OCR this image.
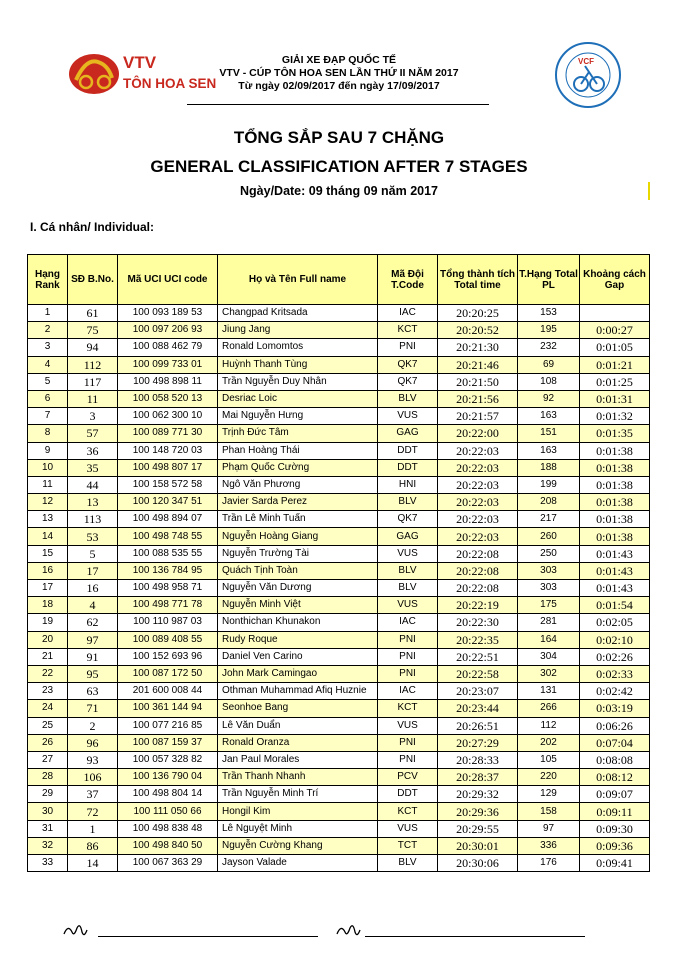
VTV
TÔN HOA SEN
GIẢI XE ĐẠP QUỐC TẾ
VTV - CÚP TÔN HOA SEN LẦN THỨ II NĂM 2017
Từ ngày 02/09/2017 đến ngày 17/09/2017
VCF
TỔNG SẮP SAU 7 CHẶNG
GENERAL CLASSIFICATION AFTER 7 STAGES
Ngày/Date: 09 tháng 09 năm 2017
I. Cá nhân/ Individual:
Hạng Rank	SĐ B.No.	Mã UCI UCI code	Họ và Tên Full name	Mã Đội T.Code	Tổng thành tích Total time	T.Hạng Total PL	Khoảng cách Gap
1	61	100 093 189 53	Changpad Kritsada	IAC	20:20:25	153	
2	75	100 097 206 93	Jiung Jang	KCT	20:20:52	195	0:00:27
3	94	100 088 462 79	Ronald Lomomtos	PNI	20:21:30	232	0:01:05
4	112	100 099 733 01	Huỳnh Thanh Tùng	QK7	20:21:46	69	0:01:21
5	117	100 498 898 11	Trần Nguyễn Duy Nhân	QK7	20:21:50	108	0:01:25
6	11	100 058 520 13	Desriac Loic	BLV	20:21:56	92	0:01:31
7	3	100 062 300 10	Mai Nguyễn Hưng	VUS	20:21:57	163	0:01:32
8	57	100 089 771 30	Trịnh Đức Tâm	GAG	20:22:00	151	0:01:35
9	36	100 148 720 03	Phan Hoàng Thái	DDT	20:22:03	163	0:01:38
10	35	100 498 807 17	Phạm Quốc Cường	DDT	20:22:03	188	0:01:38
11	44	100 158 572 58	Ngô Văn Phương	HNI	20:22:03	199	0:01:38
12	13	100 120 347 51	Javier Sarda Perez	BLV	20:22:03	208	0:01:38
13	113	100 498 894 07	Trần Lê Minh Tuấn	QK7	20:22:03	217	0:01:38
14	53	100 498 748 55	Nguyễn Hoàng Giang	GAG	20:22:03	260	0:01:38
15	5	100 088 535 55	Nguyễn Trường Tài	VUS	20:22:08	250	0:01:43
16	17	100 136 784 95	Quách Tịnh Toàn	BLV	20:22:08	303	0:01:43
17	16	100 498 958 71	Nguyễn Văn Dương	BLV	20:22:08	303	0:01:43
18	4	100 498 771 78	Nguyễn Minh Việt	VUS	20:22:19	175	0:01:54
19	62	100 110 987 03	Nonthichan Khunakon	IAC	20:22:30	281	0:02:05
20	97	100 089 408 55	Rudy Roque	PNI	20:22:35	164	0:02:10
21	91	100 152 693 96	Daniel Ven Carino	PNI	20:22:51	304	0:02:26
22	95	100 087 172 50	John Mark Camingao	PNI	20:22:58	302	0:02:33
23	63	201 600 008 44	Othman Muhammad Afiq Huznie	IAC	20:23:07	131	0:02:42
24	71	100 361 144 94	Seonhoe Bang	KCT	20:23:44	266	0:03:19
25	2	100 077 216 85	Lê Văn Duẩn	VUS	20:26:51	112	0:06:26
26	96	100 087 159 37	Ronald Oranza	PNI	20:27:29	202	0:07:04
27	93	100 057 328 82	Jan Paul Morales	PNI	20:28:33	105	0:08:08
28	106	100 136 790 04	Trần Thanh Nhanh	PCV	20:28:37	220	0:08:12
29	37	100 498 804 14	Trần Nguyễn Minh Trí	DDT	20:29:32	129	0:09:07
30	72	100 111 050 66	Hongil Kim	KCT	20:29:36	158	0:09:11
31	1	100 498 838 48	Lê Nguyệt Minh	VUS	20:29:55	97	0:09:30
32	86	100 498 840 50	Nguyễn Cường Khang	TCT	20:30:01	336	0:09:36
33	14	100 067 363 29	Jayson Valade	BLV	20:30:06	176	0:09:41
